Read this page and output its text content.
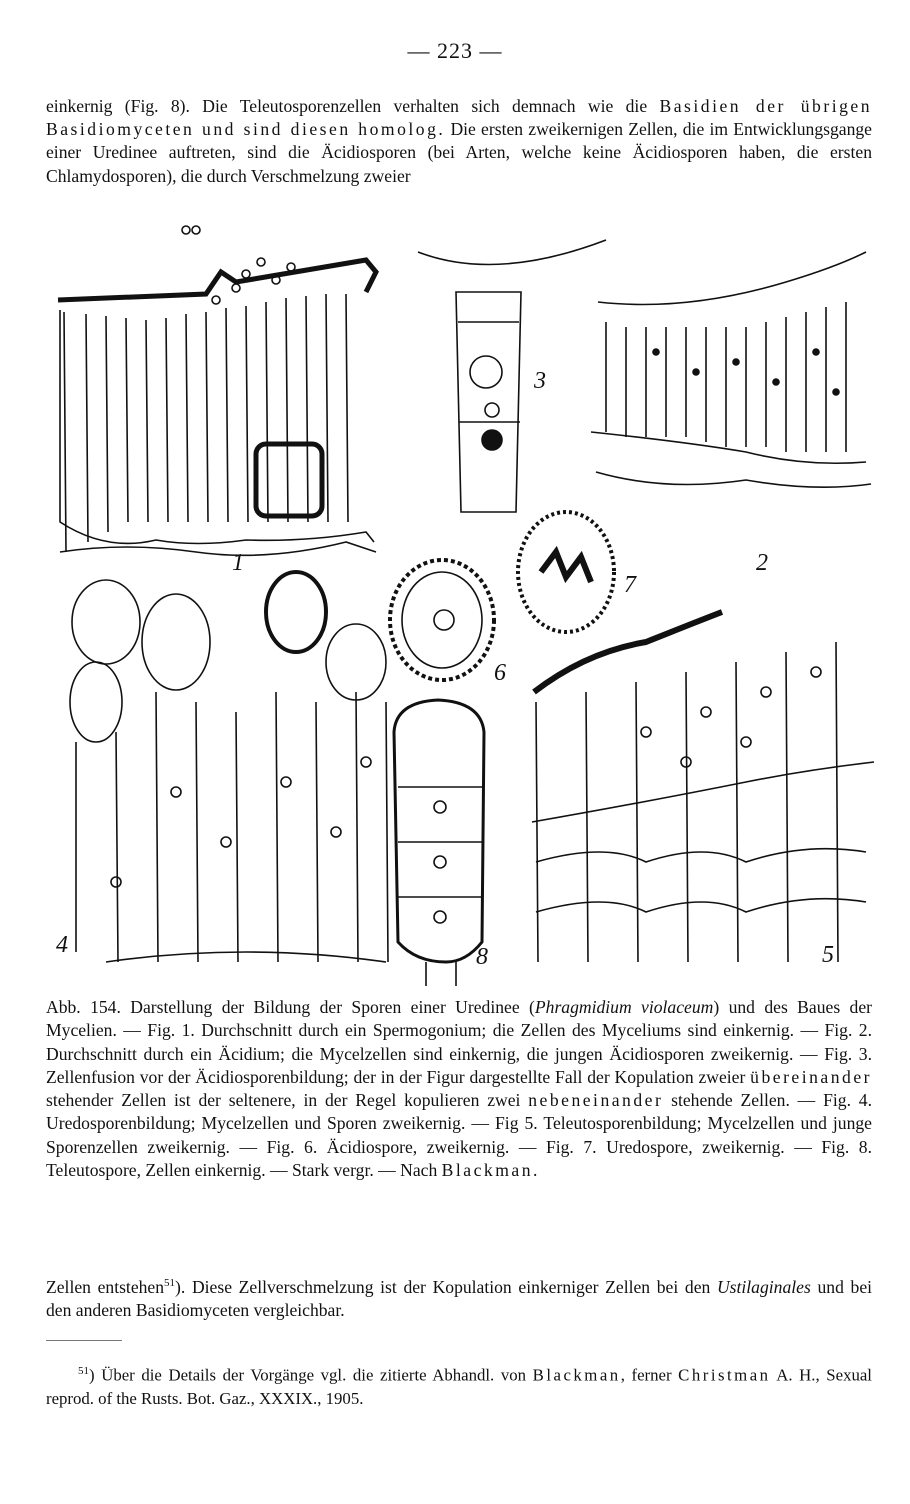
— 223 —

einkernig (Fig. 8). Die Teleutosporenzellen verhalten sich demnach wie die Basidien der übrigen Basidiomyceten und sind diesen homolog. Die ersten zweikernigen Zellen, die im Entwicklungsgange einer Uredinee auftreten, sind die Äcidiosporen (bei Arten, welche keine Äcidiosporen haben, die ersten Chlamydosporen), die durch Verschmelzung zweier

1	2
3
4	5
6
7
8

Abb. 154. Darstellung der Bildung der Sporen einer Uredinee (Phragmidium violaceum) und des Baues der Mycelien. — Fig. 1. Durchschnitt durch ein Spermogonium; die Zellen des Myceliums sind einkernig. — Fig. 2. Durchschnitt durch ein Äcidium; die Mycelzellen sind einkernig, die jungen Äcidiosporen zweikernig. — Fig. 3. Zellenfusion vor der Äcidiosporenbildung; der in der Figur dargestellte Fall der Kopulation zweier übereinander stehender Zellen ist der seltenere, in der Regel kopulieren zwei nebeneinander stehende Zellen. — Fig. 4. Uredosporenbildung; Mycelzellen und Sporen zweikernig. — Fig 5. Teleutosporenbildung; Mycelzellen und junge Sporenzellen zweikernig. — Fig. 6. Äcidiospore, zweikernig. — Fig. 7. Uredospore, zweikernig. — Fig. 8. Teleutospore, Zellen einkernig. — Stark vergr. — Nach Blackman.

Zellen entstehen$^{51}$). Diese Zellverschmelzung ist der Kopulation einkerniger Zellen bei den Ustilaginales und bei den anderen Basidiomyceten vergleichbar.

$^{51}$) Über die Details der Vorgänge vgl. die zitierte Abhandl. von Blackman, ferner Christman A. H., Sexual reprod. of the Rusts. Bot. Gaz., XXXIX., 1905.
